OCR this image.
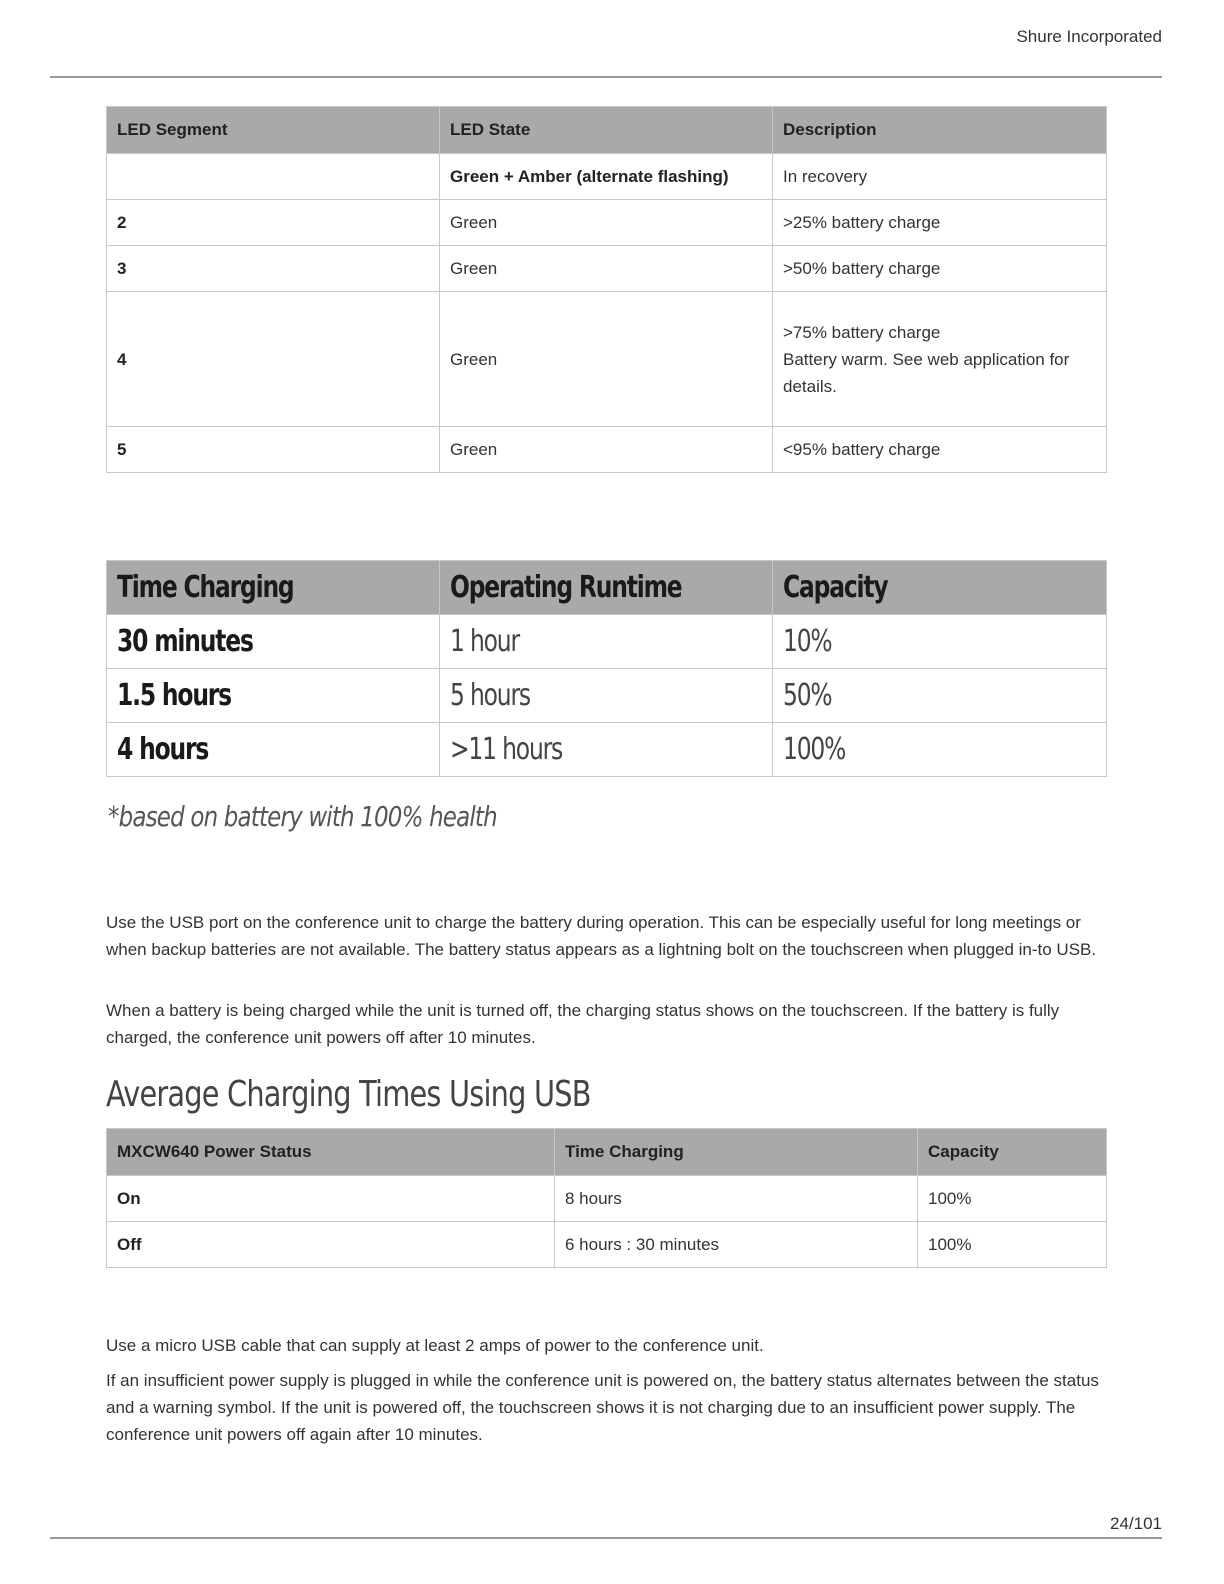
Shure Incorporated
LED Segment	LED State	Description
	Green + Amber (alternate flashing)	In recovery
2	Green	>25% battery charge
3	Green	>50% battery charge
4	Green	>75% battery charge
Battery warm. See web application for details.

5	Green	<95% battery charge
Time Charging	Operating Runtime	Capacity
30 minutes	1 hour	10%
1.5 hours	5 hours	50%
4 hours	>11 hours	100%
*based on battery with 100% health

Use the USB port on the conference unit to charge the battery during operation. This can be especially useful for long meetings or when backup batteries are not available. The battery status appears as a lightning bolt on the touchscreen when plugged in-to USB.

When a battery is being charged while the unit is turned off, the charging status shows on the touchscreen. If the battery is fully charged, the conference unit powers off after 10 minutes.

Average Charging Times Using USB
MXCW640 Power Status	Time Charging	Capacity
On	8 hours	100%
Off	6 hours : 30 minutes	100%

Use a micro USB cable that can supply at least 2 amps of power to the conference unit.

If an insufficient power supply is plugged in while the conference unit is powered on, the battery status alternates between the status and a warning symbol. If the unit is powered off, the touchscreen shows it is not charging due to an insufficient power supply. The conference unit powers off again after 10 minutes.

24/101
